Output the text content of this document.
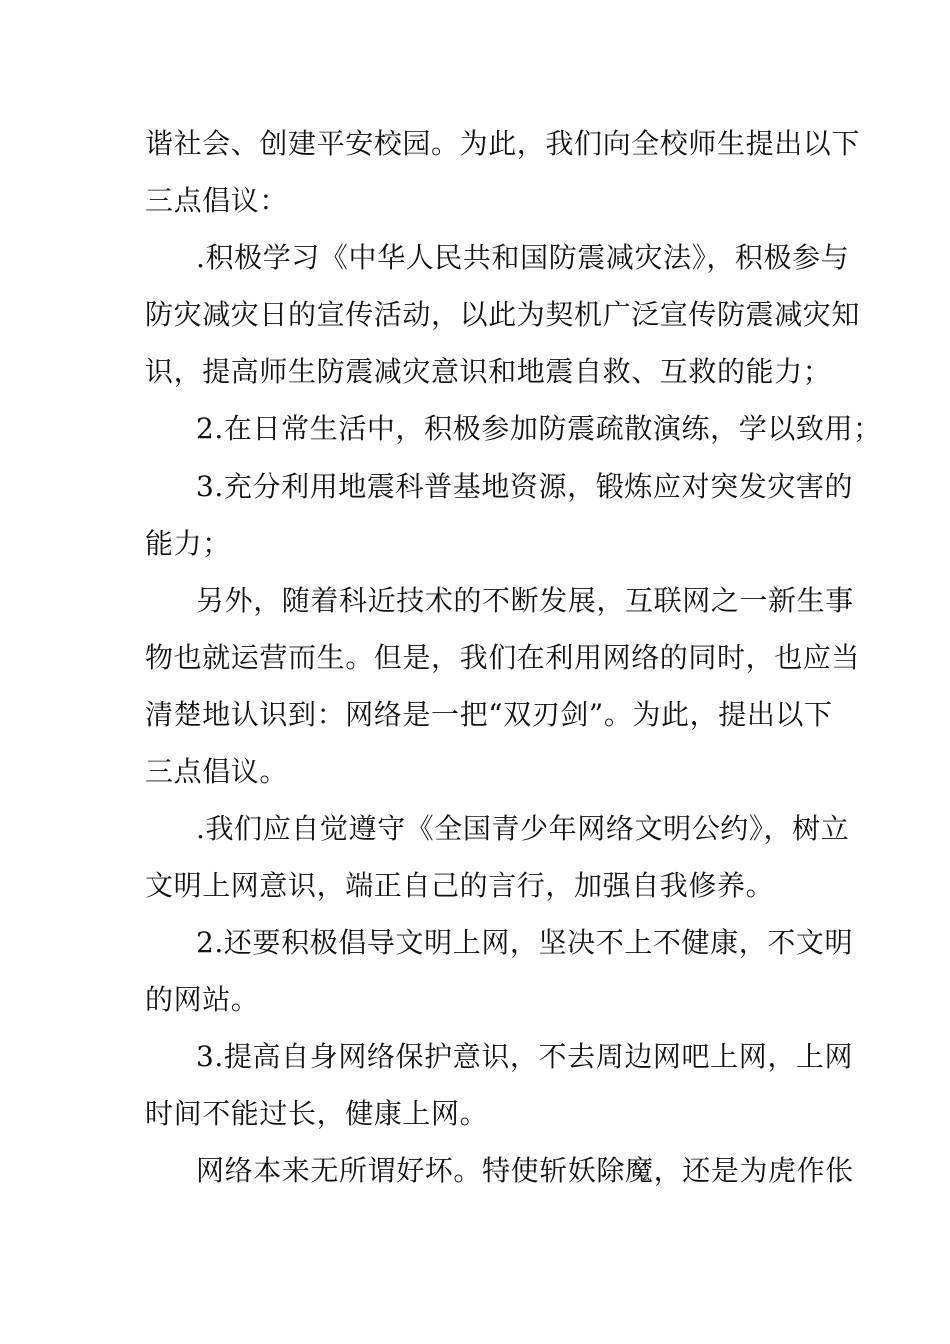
谐社会、创建平安校园。为此，我们向全校师生提出以下
三点倡议：
.积极学习《中华人民共和国防震减灾法》，积极参与
防灾减灾日的宣传活动，以此为契机广泛宣传防震减灾知
识，提高师生防震减灾意识和地震自救、互救的能力；
2.在日常生活中，积极参加防震疏散演练，学以致用；
3.充分利用地震科普基地资源，锻炼应对突发灾害的
能力；
另外，随着科近技术的不断发展，互联网之一新生事
物也就运营而生。但是，我们在利用网络的同时，也应当
清楚地认识到：网络是一把“双刃剑”。为此，提出以下
三点倡议。
.我们应自觉遵守《全国青少年网络文明公约》，树立
文明上网意识，端正自己的言行，加强自我修养。
2.还要积极倡导文明上网，坚决不上不健康，不文明
的网站。
3.提高自身网络保护意识，不去周边网吧上网，上网
时间不能过长，健康上网。
网络本来无所谓好坏。特使斩妖除魔，还是为虎作伥
